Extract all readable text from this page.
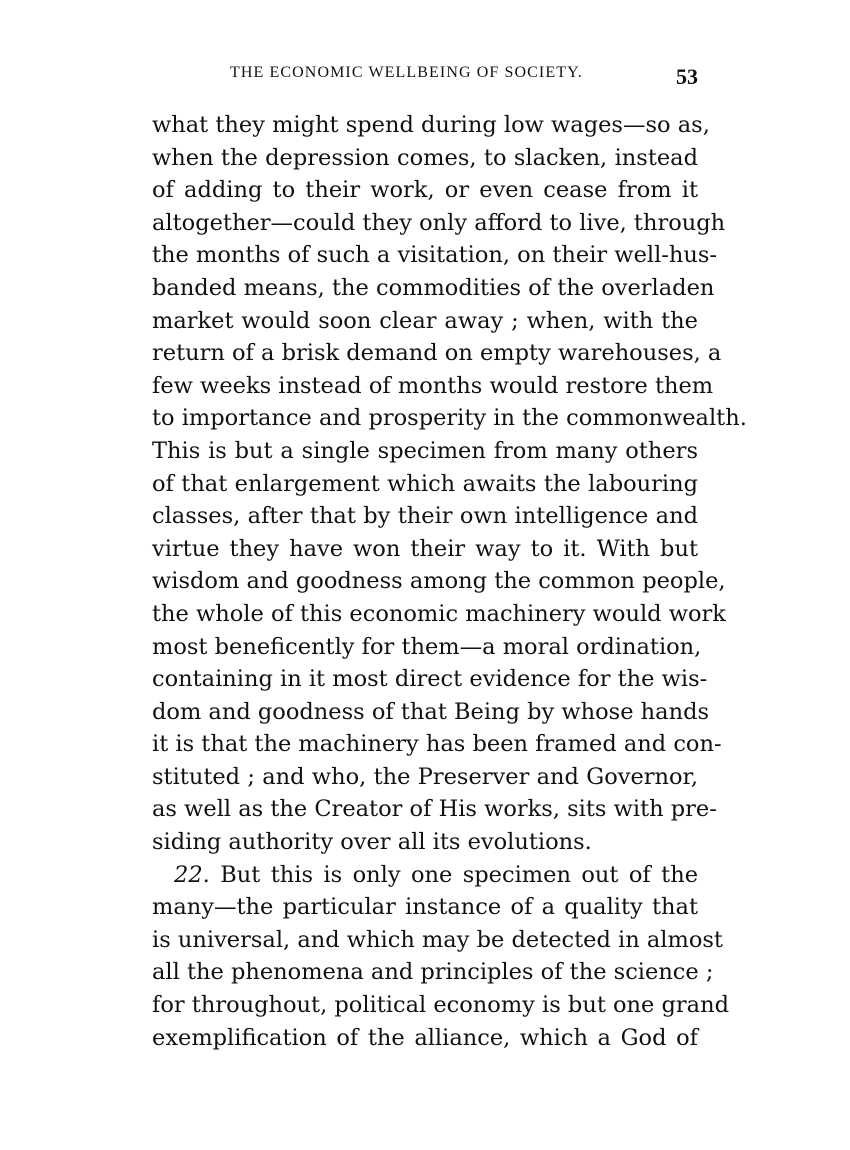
THE ECONOMIC WELLBEING OF SOCIETY.	53
what they might spend during low wages—so as,
when the depression comes, to slacken, instead
of adding to their work, or even cease from it
altogether—could they only afford to live, through
the months of such a visitation, on their well-hus-
banded means, the commodities of the overladen
market would soon clear away ; when, with the
return of a brisk demand on empty warehouses, a
few weeks instead of months would restore them
to importance and prosperity in the commonwealth.
This is but a single specimen from many others
of that enlargement which awaits the labouring
classes, after that by their own intelligence and
virtue they have won their way to it. With but
wisdom and goodness among the common people,
the whole of this economic machinery would work
most beneficently for them—a moral ordination,
containing in it most direct evidence for the wis-
dom and goodness of that Being by whose hands
it is that the machinery has been framed and con-
stituted ; and who, the Preserver and Governor,
as well as the Creator of His works, sits with pre-
siding authority over all its evolutions.
22. But this is only one specimen out of the
many—the particular instance of a quality that
is universal, and which may be detected in almost
all the phenomena and principles of the science ;
for throughout, political economy is but one grand
exemplification of the alliance, which a God of
